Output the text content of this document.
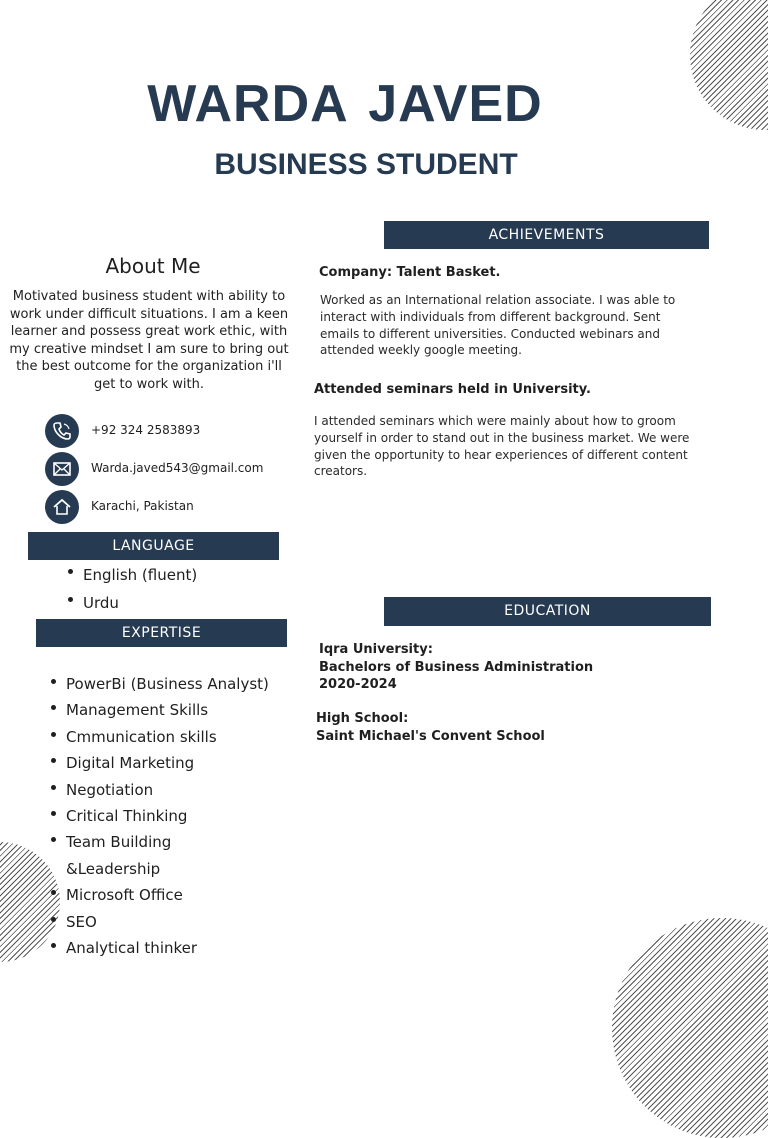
WARDA JAVED
BUSINESS STUDENT
About Me
Motivated business student with ability to work under difficult situations. I am a keen learner and possess great work ethic, with my creative mindset I am sure to bring out the best outcome for the organization i'll get to work with.
+92 324 2583893
Warda.javed543@gmail.com
Karachi, Pakistan
LANGUAGE
English (fluent)
Urdu
EXPERTISE
PowerBi (Business Analyst)
Management Skills
Cmmunication skills
Digital Marketing
Negotiation
Critical Thinking
Team Building &Leadership
Microsoft Office
SEO
Analytical thinker
ACHIEVEMENTS
Company: Talent Basket.
Worked as an International relation associate. I was able to interact with individuals from different background. Sent emails to different universities. Conducted webinars and attended weekly google meeting.
Attended seminars held in University.
I attended seminars which were mainly about how to groom yourself in order to stand out in the business market. We were given the opportunity to hear experiences of different content creators.
EDUCATION
Iqra University:
Bachelors of Business Administration
2020-2024
High School:
Saint Michael's Convent School
